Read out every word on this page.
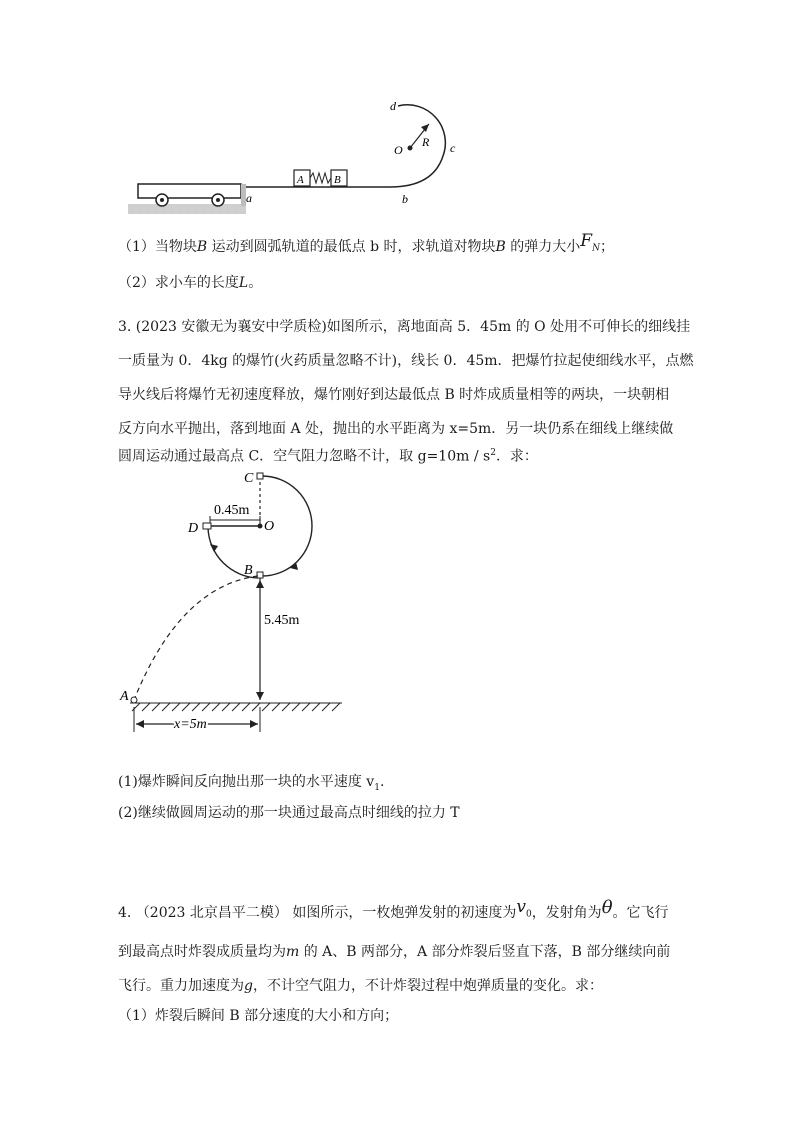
d
O
R c
A	B
a	b
（1）当物块B 运动到圆弧轨道的最低点 b 时，求轨道对物块B 的弹力大小$F_N$；
（2）求小车的长度L。
3. (2023 安徽无为襄安中学质检)如图所示，离地面高 5．45m 的 O 处用不可伸长的细线挂
一质量为 0．4kg 的爆竹(火药质量忽略不计)，线长 0．45m．把爆竹拉起使细线水平，点燃
导火线后将爆竹无初速度释放，爆竹刚好到达最低点 B 时炸成质量相等的两块，一块朝相
反方向水平抛出，落到地面 A 处，抛出的水平距离为 x=5m．另一块仍系在细线上继续做
圆周运动通过最高点 C．空气阻力忽略不计，取 $g=10m / s^2$．求：
0.45m
C
D	O
B
5.45m
A
x=5m
(1)爆炸瞬间反向抛出那一块的水平速度 $v_1$.
(2)继续做圆周运动的那一块通过最高点时细线的拉力 T
4. （2023 北京昌平二模） 如图所示，一枚炮弹发射的初速度为$v_0$，发射角为θ。它飞行
到最高点时炸裂成质量均为m 的 A、B 两部分，A 部分炸裂后竖直下落，B 部分继续向前
飞行。重力加速度为g，不计空气阻力，不计炸裂过程中炮弹质量的变化。求：
（1）炸裂后瞬间 B 部分速度的大小和方向；
